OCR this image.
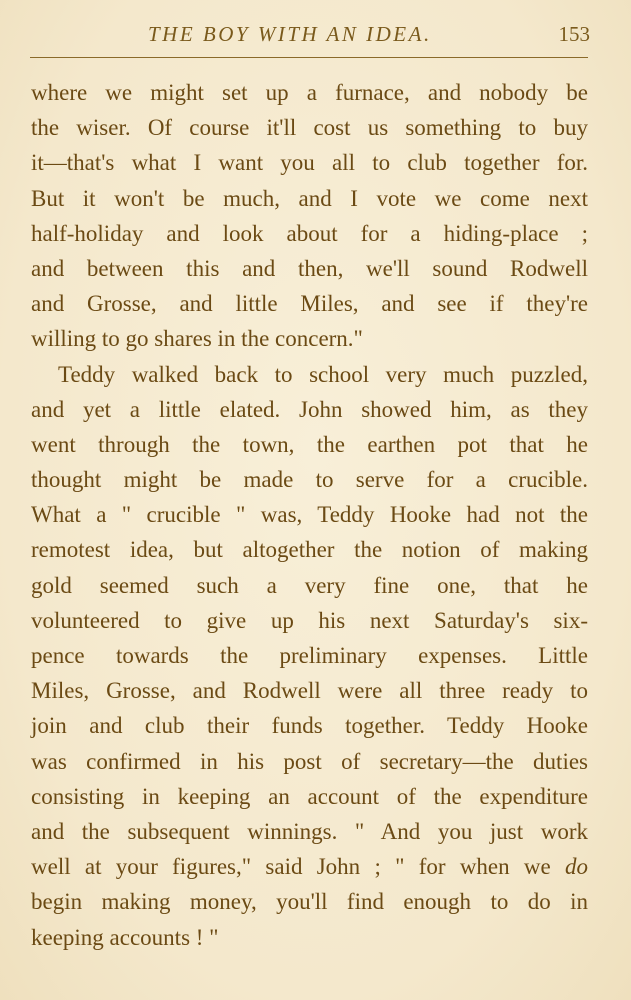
THE BOY WITH AN IDEA.	153
where we might set up a furnace, and nobody be
the wiser. Of course it'll cost us something to buy
it—that's what I want you all to club together for.
But it won't be much, and I vote we come next
half-holiday and look about for a hiding-place ;
and between this and then, we'll sound Rodwell
and Grosse, and little Miles, and see if they're
willing to go shares in the concern."
Teddy walked back to school very much puzzled,
and yet a little elated. John showed him, as they
went through the town, the earthen pot that he
thought might be made to serve for a crucible.
What a " crucible " was, Teddy Hooke had not the
remotest idea, but altogether the notion of making
gold seemed such a very fine one, that he
volunteered to give up his next Saturday's six-
pence towards the preliminary expenses. Little
Miles, Grosse, and Rodwell were all three ready to
join and club their funds together. Teddy Hooke
was confirmed in his post of secretary—the duties
consisting in keeping an account of the expenditure
and the subsequent winnings. " And you just work
well at your figures," said John ; " for when we do
begin making money, you'll find enough to do in
keeping accounts ! "
